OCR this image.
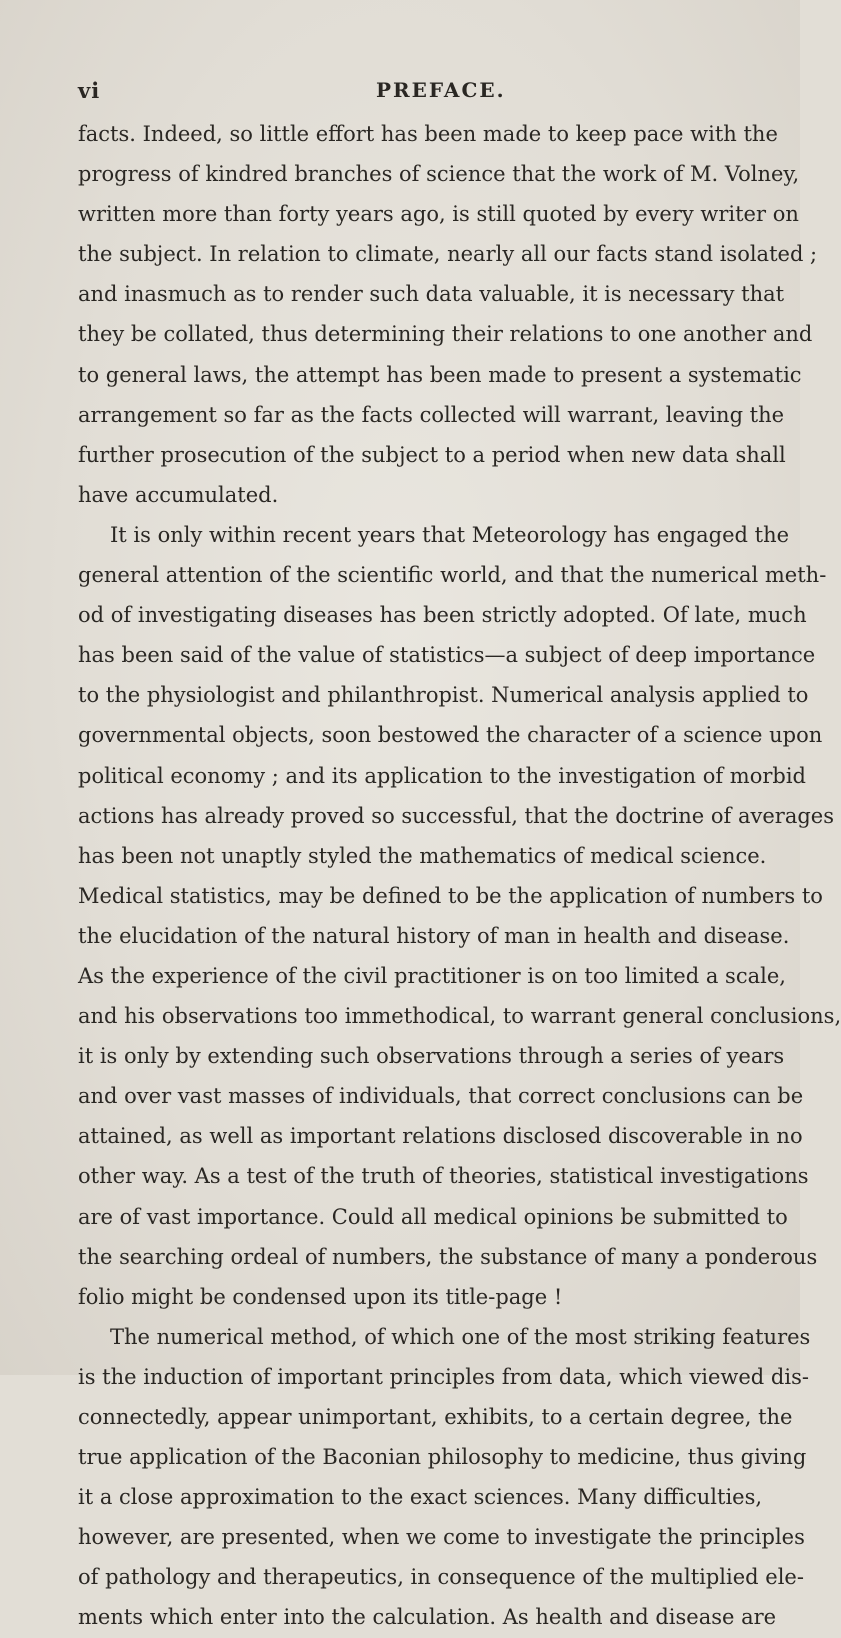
vi	PREFACE.
facts. Indeed, so little effort has been made to keep pace with the
progress of kindred branches of science that the work of M. Volney,
written more than forty years ago, is still quoted by every writer on
the subject. In relation to climate, nearly all our facts stand isolated ;
and inasmuch as to render such data valuable, it is necessary that
they be collated, thus determining their relations to one another and
to general laws, the attempt has been made to present a systematic
arrangement so far as the facts collected will warrant, leaving the
further prosecution of the subject to a period when new data shall
have accumulated.
It is only within recent years that Meteorology has engaged the
general attention of the scientific world, and that the numerical meth-
od of investigating diseases has been strictly adopted. Of late, much
has been said of the value of statistics—a subject of deep importance
to the physiologist and philanthropist. Numerical analysis applied to
governmental objects, soon bestowed the character of a science upon
political economy ; and its application to the investigation of morbid
actions has already proved so successful, that the doctrine of averages
has been not unaptly styled the mathematics of medical science.
Medical statistics, may be defined to be the application of numbers to
the elucidation of the natural history of man in health and disease.
As the experience of the civil practitioner is on too limited a scale,
and his observations too immethodical, to warrant general conclusions,
it is only by extending such observations through a series of years
and over vast masses of individuals, that correct conclusions can be
attained, as well as important relations disclosed discoverable in no
other way. As a test of the truth of theories, statistical investigations
are of vast importance. Could all medical opinions be submitted to
the searching ordeal of numbers, the substance of many a ponderous
folio might be condensed upon its title-page !
The numerical method, of which one of the most striking features
is the induction of important principles from data, which viewed dis-
connectedly, appear unimportant, exhibits, to a certain degree, the
true application of the Baconian philosophy to medicine, thus giving
it a close approximation to the exact sciences. Many difficulties,
however, are presented, when we come to investigate the principles
of pathology and therapeutics, in consequence of the multiplied ele-
ments which enter into the calculation. As health and disease are
